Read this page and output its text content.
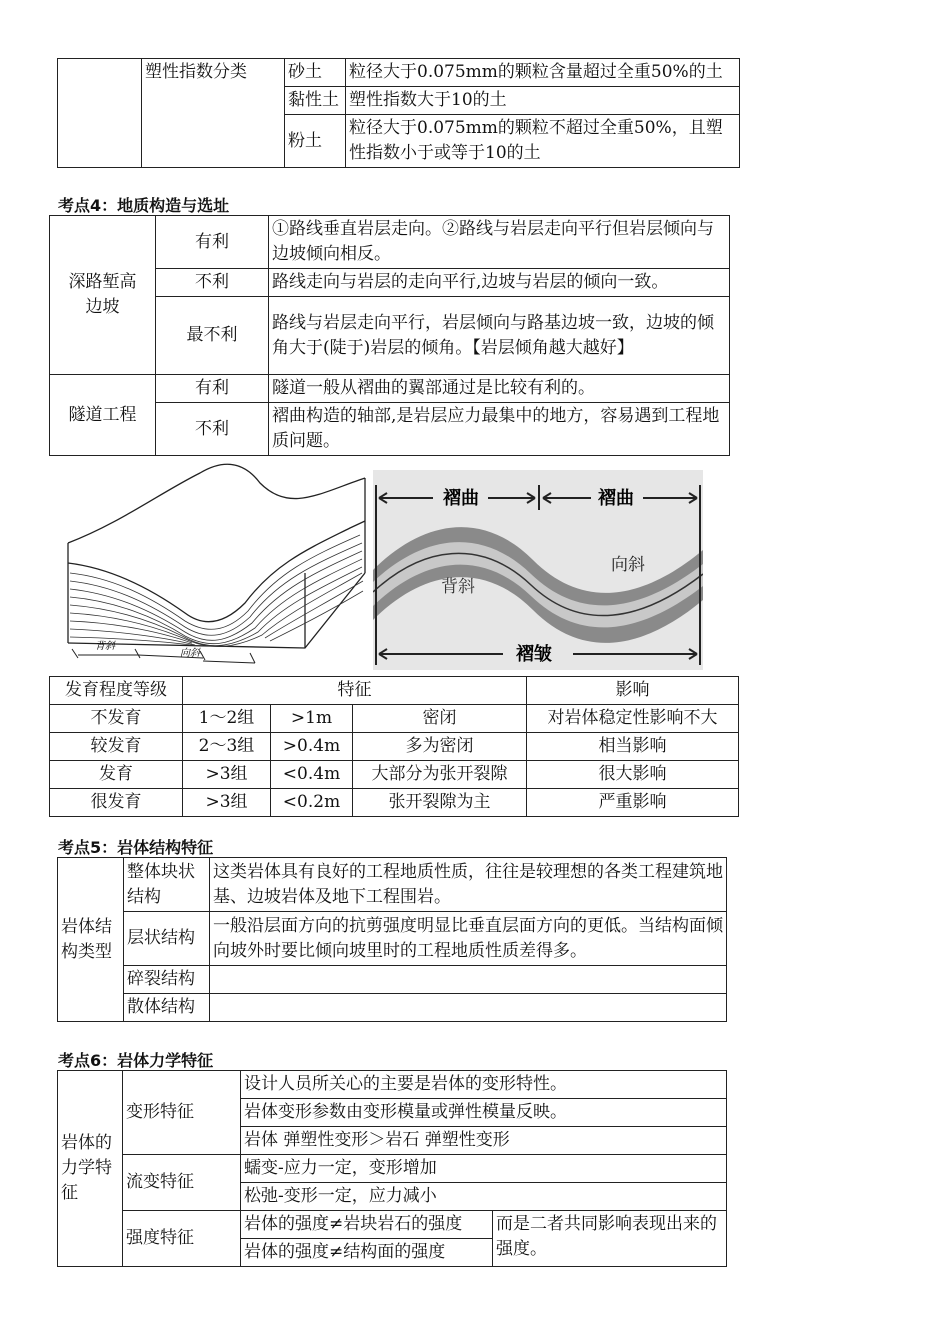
	塑性指数分类	砂土	粒径大于0.075mm的颗粒含量超过全重50%的土
		黏性土	塑性指数大于10的土
		粉土	粒径大于0.075mm的颗粒不超过全重50%，且塑性指数小于或等于10的土
考点4：地质构造与选址
深路堑高边坡	有利	①路线垂直岩层走向。②路线与岩层走向平行但岩层倾向与边坡倾向相反。
	不利	路线走向与岩层的走向平行,边坡与岩层的倾向一致。
	最不利	路线与岩层走向平行，岩层倾向与路基边坡一致，边坡的倾角大于(陡于)岩层的倾角。【岩层倾角越大越好】
隧道工程	有利	隧道一般从褶曲的翼部通过是比较有利的。
	不利	褶曲构造的轴部,是岩层应力最集中的地方，容易遇到工程地质问题。
背斜
向斜
褶曲	褶曲
向斜
背斜
褶皱
发育程度等级	特征			影响
不发育	1～2组	>1m	密闭	对岩体稳定性影响不大
较发育	2～3组	>0.4m	多为密闭	相当影响
发育	>3组	<0.4m	大部分为张开裂隙	很大影响
很发育	>3组	<0.2m	张开裂隙为主	严重影响
考点5：岩体结构特征
岩体结构类型	整体块状结构	这类岩体具有良好的工程地质性质，往往是较理想的各类工程建筑地基、边坡岩体及地下工程围岩。
	层状结构	一般沿层面方向的抗剪强度明显比垂直层面方向的更低。当结构面倾向坡外时要比倾向坡里时的工程地质性质差得多。
	碎裂结构	
	散体结构	
考点6：岩体力学特征
岩体的力学特征	变形特征	设计人员所关心的主要是岩体的变形特性。	
		岩体变形参数由变形模量或弹性模量反映。	
		岩体 弹塑性变形＞岩石 弹塑性变形	
	流变特征	蠕变-应力一定，变形增加	
		松弛-变形一定，应力减小	
	强度特征	岩体的强度≠岩块岩石的强度	而是二者共同影响表现出来的强度。
		岩体的强度≠结构面的强度	
